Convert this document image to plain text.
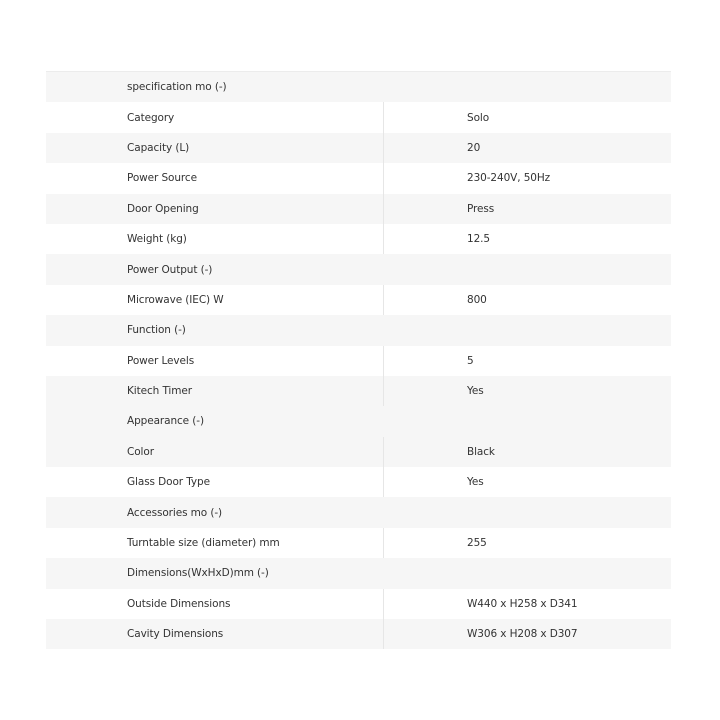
specification mo (-)
Category	Solo
Capacity (L)	20
Power Source	230-240V, 50Hz
Door Opening	Press
Weight (kg)	12.5
Power Output (-)
Microwave (IEC) W	800
Function (-)
Power Levels	5
Kitech Timer	Yes
Appearance (-)
Color	Black
Glass Door Type	Yes
Accessories mo (-)
Turntable size (diameter) mm	255
Dimensions(WxHxD)mm (-)
Outside Dimensions	W440 x H258 x D341
Cavity Dimensions	W306 x H208 x D307
